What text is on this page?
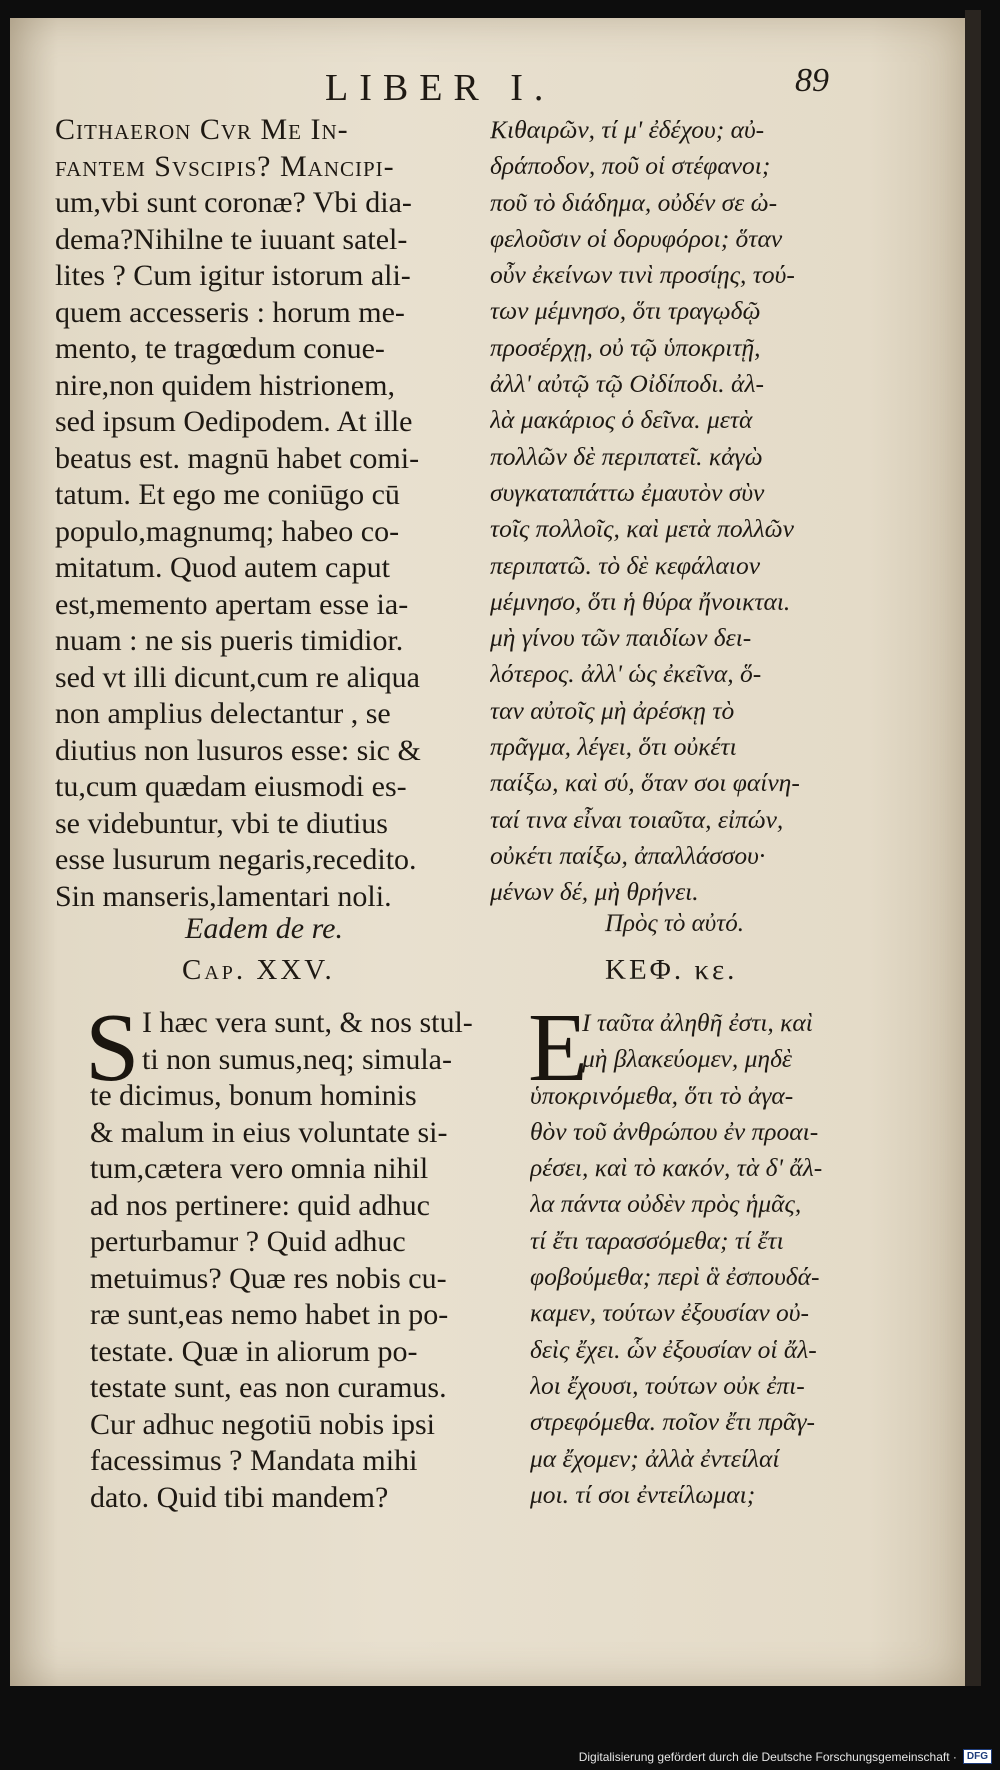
LIBER I.	89
Cithaeron Cvr Me In-
fantem Svscipis? Mancipi-
um,vbi sunt coronæ? Vbi dia-
dema?Nihilne te iuuant satel-
lites ? Cum igitur istorum ali-
quem accesseris : horum me-
mento, te tragœdum conue-
nire,non quidem histrionem,
sed ipsum Oedipodem. At ille
beatus est. magnū habet comi-
tatum. Et ego me coniūgo cū
populo,magnumq; habeo co-
mitatum. Quod autem caput
est,memento apertam esse ia-
nuam : ne sis pueris timidior.
sed vt illi dicunt,cum re aliqua
non amplius delectantur , se
diutius non lusuros esse: sic &
tu,cum quædam eiusmodi es-
se videbuntur, vbi te diutius
esse lusurum negaris,recedito.
Sin manseris,lamentari noli.
Κιθαιρῶν, τί μ' ἐδέχου; αὐ-
δράποδον, ποῦ οἱ στέφανοι;
ποῦ τὸ διάδημα, οὐδέν σε ὠ-
φελοῦσιν οἱ δορυφόροι; ὅταν
οὖν ἐκείνων τινὶ προσίῃς, τού-
των μέμνησο, ὅτι τραγῳδῷ
προσέρχῃ, οὐ τῷ ὑποκριτῇ,
ἀλλ' αὐτῷ τῷ Οἰδίποδι. ἀλ-
λὰ μακάριος ὁ δεῖνα. μετὰ
πολλῶν δὲ περιπατεῖ. κἀγὼ
συγκαταπάττω ἐμαυτὸν σὺν
τοῖς πολλοῖς, καὶ μετὰ πολλῶν
περιπατῶ. τὸ δὲ κεφάλαιον
μέμνησο, ὅτι ἡ θύρα ἤνοικται.
μὴ γίνου τῶν παιδίων δει-
λότερος. ἀλλ' ὡς ἐκεῖνα, ὅ-
ταν αὐτοῖς μὴ ἀρέσκῃ τὸ
πρᾶγμα, λέγει, ὅτι οὐκέτι
παίξω, καὶ σύ, ὅταν σοι φαίνη-
ταί τινα εἶναι τοιαῦτα, εἰπών,
οὐκέτι παίξω, ἀπαλλάσσου·
μένων δέ, μὴ θρήνει.
Eadem de re.	Πρὸς τὸ αὐτό.
Cap. XXV.	ΚΕΦ. κε.
S	E
I hæc vera sunt, & nos stul-
ti non sumus,neq; simula-
te dicimus, bonum hominis
& malum in eius voluntate si-
tum,cætera vero omnia nihil
ad nos pertinere: quid adhuc
perturbamur ? Quid adhuc
metuimus? Quæ res nobis cu-
ræ sunt,eas nemo habet in po-
testate. Quæ in aliorum po-
testate sunt, eas non curamus.
Cur adhuc negotiū nobis ipsi
facessimus ? Mandata mihi
dato. Quid tibi mandem?
I ταῦτα ἀληθῆ ἐστι, καὶ
μὴ βλακεύομεν, μηδὲ
ὑποκρινόμεθα, ὅτι τὸ ἀγα-
θὸν τοῦ ἀνθρώπου ἐν προαι-
ρέσει, καὶ τὸ κακόν, τὰ δ' ἄλ-
λα πάντα οὐδὲν πρὸς ἡμᾶς,
τί ἔτι ταρασσόμεθα; τί ἔτι
φοβούμεθα; περὶ ἃ ἐσπουδά-
καμεν, τούτων ἐξουσίαν οὐ-
δεὶς ἔχει. ὧν ἐξουσίαν οἱ ἄλ-
λοι ἔχουσι, τούτων οὐκ ἐπι-
στρεφόμεθα. ποῖον ἔτι πρᾶγ-
μα ἔχομεν; ἀλλὰ ἐντείλαί
μοι. τί σοι ἐντείλωμαι;
Digitalisierung gefördert durch die Deutsche Forschungsgemeinschaft ·	DFG
